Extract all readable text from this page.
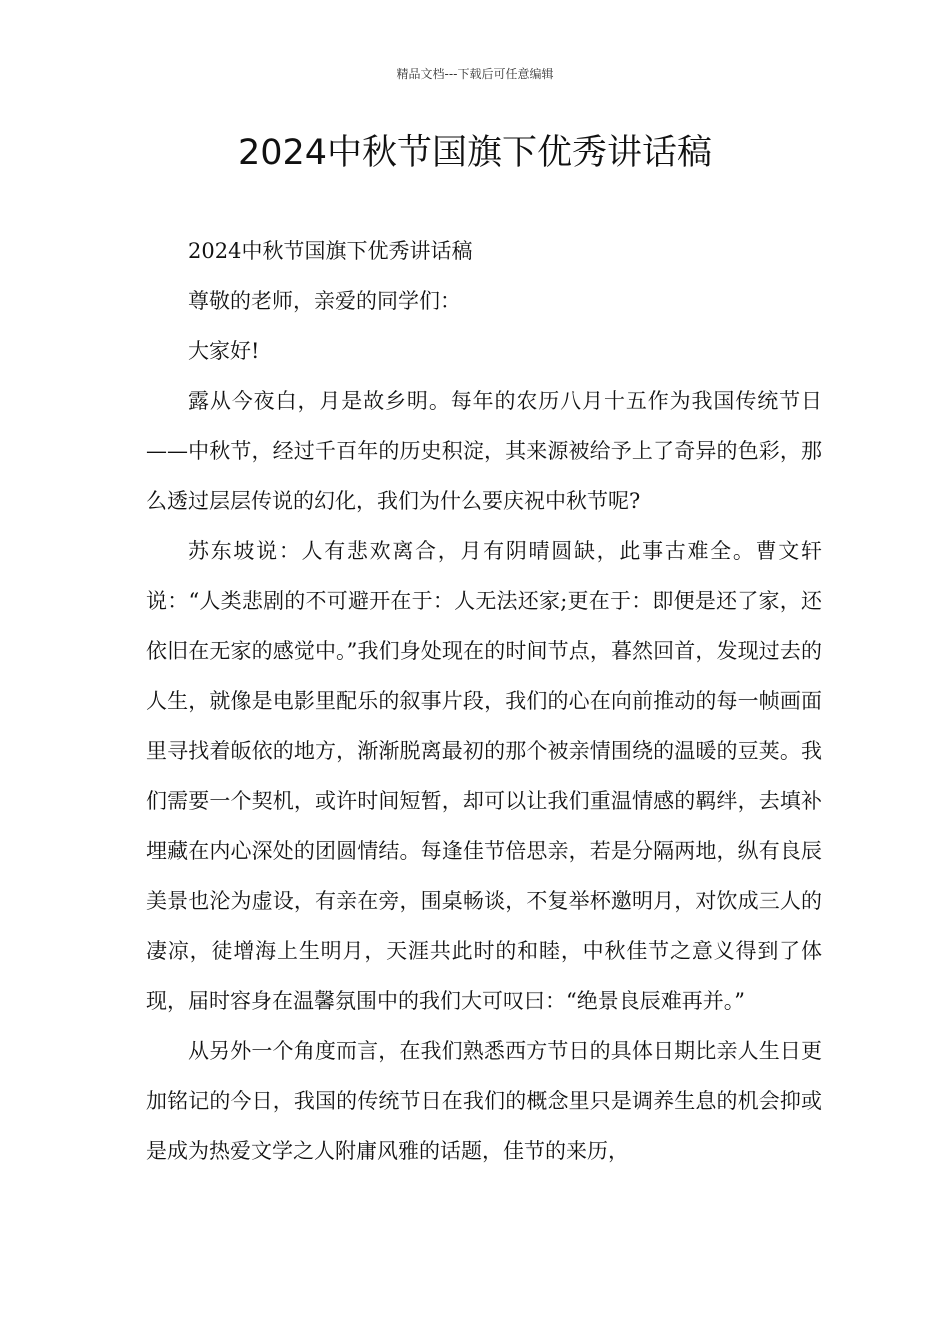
精品文档---下载后可任意编辑
2024中秋节国旗下优秀讲话稿

2024中秋节国旗下优秀讲话稿

尊敬的老师，亲爱的同学们：

大家好!

露从今夜白，月是故乡明。每年的农历八月十五作为我国传统节日——中秋节，经过千百年的历史积淀，其来源被给予上了奇异的色彩，那么透过层层传说的幻化，我们为什么要庆祝中秋节呢?

苏东坡说：人有悲欢离合，月有阴晴圆缺，此事古难全。曹文轩说：“人类悲剧的不可避开在于：人无法还家;更在于：即便是还了家，还依旧在无家的感觉中。”我们身处现在的时间节点，暮然回首，发现过去的人生，就像是电影里配乐的叙事片段，我们的心在向前推动的每一帧画面里寻找着皈依的地方，渐渐脱离最初的那个被亲情围绕的温暖的豆荚。我们需要一个契机，或许时间短暂，却可以让我们重温情感的羁绊，去填补埋藏在内心深处的团圆情结。每逢佳节倍思亲，若是分隔两地，纵有良辰美景也沦为虚设，有亲在旁，围桌畅谈，不复举杯邀明月，对饮成三人的凄凉，徒增海上生明月，天涯共此时的和睦，中秋佳节之意义得到了体现，届时容身在温馨氛围中的我们大可叹曰：“绝景良辰难再并。”

从另外一个角度而言，在我们熟悉西方节日的具体日期比亲人生日更加铭记的今日，我国的传统节日在我们的概念里只是调养生息的机会抑或是成为热爱文学之人附庸风雅的话题，佳节的来历，
